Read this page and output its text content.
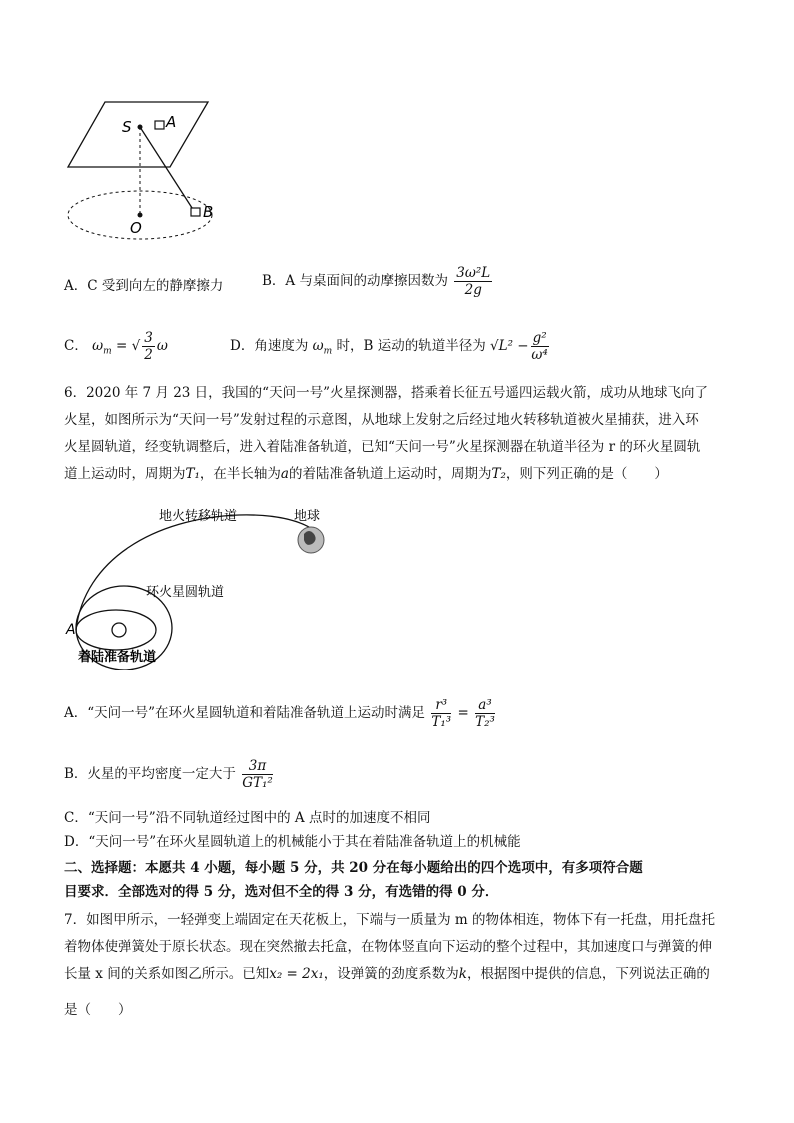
S A
B
O
A．C 受到向左的静摩擦力	B．A 与桌面间的动摩擦因数为 $\frac{\text{3ω²L}}{2g}$
C． $\omega_m$ = √ $\frac{3}{2}$ ω	D．角速度为 $\omega_m$ 时，B 运动的轨道半径为 $√L^2 - \frac{\text{g²}}{\text{ω⁴}}$
6．2020 年 7 月 23 日，我国的“天问一号”火星探测器，搭乘着长征五号遥四运载火箭，成功从地球飞向了
火星，如图所示为“天问一号”发射过程的示意图，从地球上发射之后经过地火转移轨道被火星捕获，进入环
火星圆轨道，经变轨调整后，进入着陆准备轨道，已知“天问一号”火星探测器在轨道半径为 r 的环火星圆轨
道上运动时，周期为T₁，在半长轴为a的着陆准备轨道上运动时，周期为T₂，则下列正确的是（　　）
地火转移轨道	地球
环火星圆轨道
着陆准备轨道
A
A．“天问一号”在环火星圆轨道和着陆准备轨道上运动时满足 $\frac{\text{r³}}{\text{T₁³}} = \frac{\text{a³}}{\text{T₂³}}$
B．火星的平均密度一定大于 $\frac{3\pi}{\text{GT₁²}}$
C．“天问一号”沿不同轨道经过图中的 A 点时的加速度不相同
D．“天问一号”在环火星圆轨道上的机械能小于其在着陆准备轨道上的机械能
二、选择题：本愿共 4 小题，每小题 5 分，共 20 分在每小题给出的四个选项中，有多项符合题
目要求．全部选对的得 5 分，选对但不全的得 3 分，有选错的得 0 分．
7．如图甲所示，一轻弹变上端固定在天花板上，下端与一质量为 m 的物体相连，物体下有一托盘，用托盘托
着物体使弹簧处于原长状态。现在突然撤去托盒，在物体竖直向下运动的整个过程中，其加速度口与弹簧的伸
长量 x 间的关系如图乙所示。已知x₂ = 2x₁，设弹簧的劲度系数为k，根据图中提供的信息，下列说法正确的
是（　　）
